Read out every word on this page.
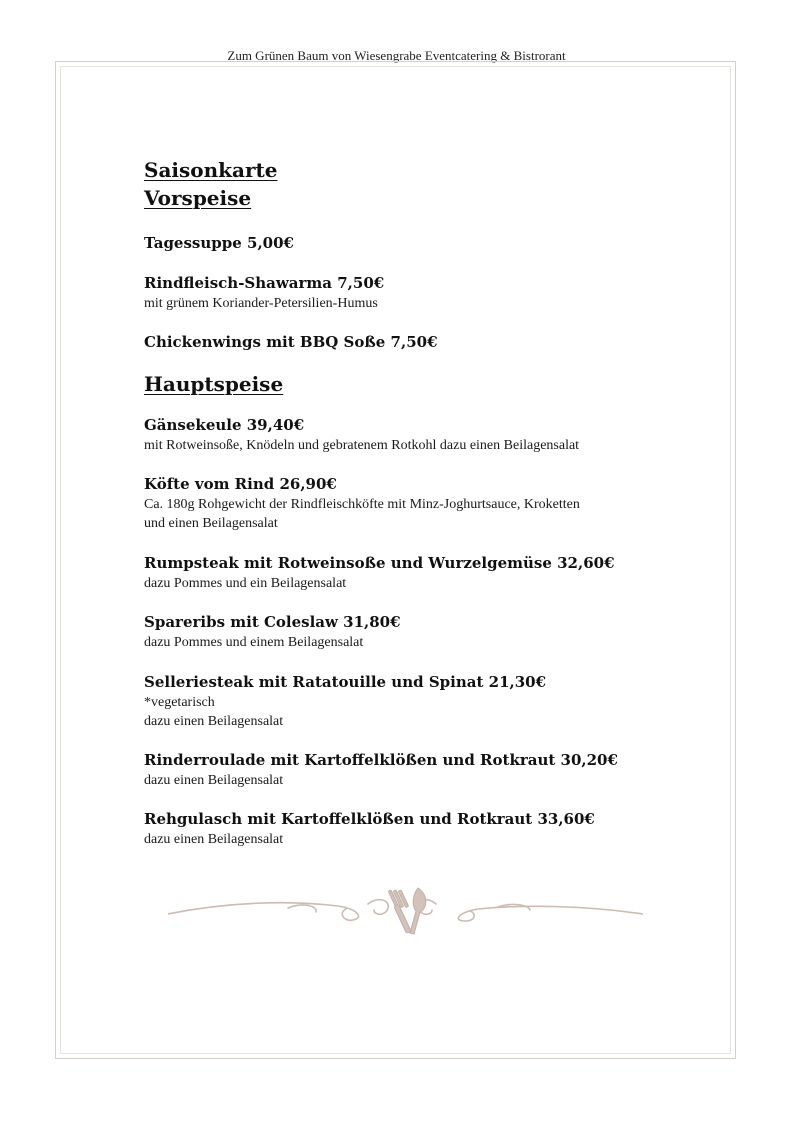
Zum Grünen Baum von Wiesengrabe Eventcatering & Bistrorant
Saisonkarte
Vorspeise
Tagessuppe 5,00€
Rindfleisch-Shawarma 7,50€
mit grünem Koriander-Petersilien-Humus
Chickenwings mit BBQ Soße 7,50€
Hauptspeise
Gänsekeule 39,40€
mit Rotweinsoße, Knödeln und gebratenem Rotkohl dazu einen Beilagensalat
Köfte vom Rind 26,90€
Ca. 180g Rohgewicht der Rindfleischköfte mit Minz-Joghurtsauce, Kroketten
und einen Beilagensalat
Rumpsteak mit Rotweinsoße und Wurzelgemüse 32,60€
dazu Pommes und ein Beilagensalat
Spareribs mit Coleslaw 31,80€
dazu Pommes und einem Beilagensalat
Selleriesteak mit Ratatouille und Spinat 21,30€
*vegetarisch
dazu einen Beilagensalat
Rinderroulade mit Kartoffelklößen und Rotkraut 30,20€
dazu einen Beilagensalat
Rehgulasch mit Kartoffelklößen und Rotkraut 33,60€
dazu einen Beilagensalat
